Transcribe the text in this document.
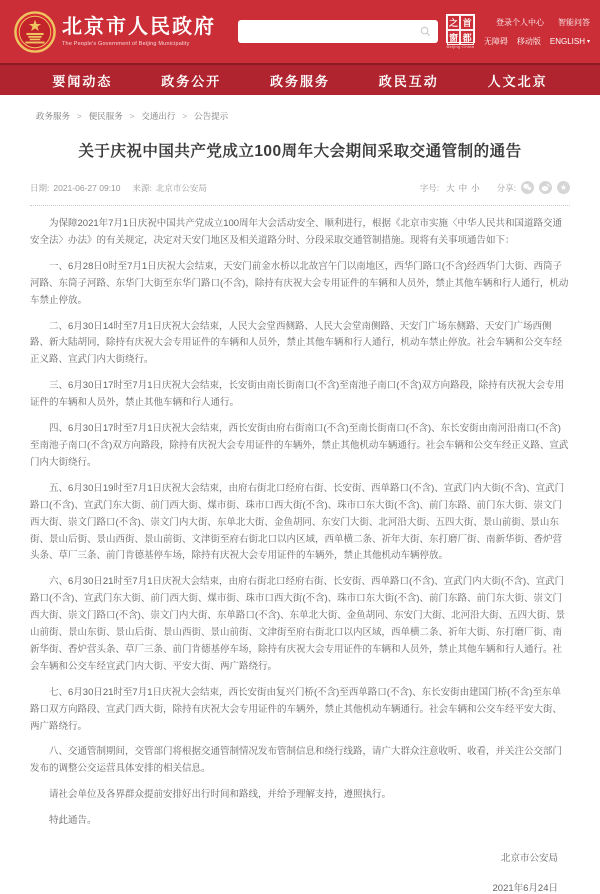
北京市人民政府
The People's Government of Beijing Municipality
之 首
窗 都
Beijing·China
登录个人中心 智能问答
无障碍 移动版 ENGLISH ▾
要闻动态	政务公开	政务服务	政民互动	人文北京
政务服务 > 便民服务 > 交通出行 > 公告提示
关于庆祝中国共产党成立100周年大会期间采取交通管制的通告
日期: 2021-06-27 09:10 来源: 北京市公安局	字号: 大 中 小 分享:	★

为保障2021年7月1日庆祝中国共产党成立100周年大会活动安全、顺利进行，根据《北京市实施〈中华人民共和国道路交通安全法〉办法》的有关规定，决定对天安门地区及相关道路分时、分段采取交通管制措施。现将有关事项通告如下：

一、6月28日0时至7月1日庆祝大会结束，天安门前金水桥以北故宫午门以南地区，西华门路口(不含)经西华门大街、西筒子河路、东筒子河路、东华门大街至东华门路口(不含)，除持有庆祝大会专用证件的车辆和人员外，禁止其他车辆和行人通行，机动车禁止停放。

二、6月30日14时至7月1日庆祝大会结束，人民大会堂西侧路、人民大会堂南侧路、天安门广场东侧路、天安门广场西侧路、新大陆胡同，除持有庆祝大会专用证件的车辆和人员外，禁止其他车辆和行人通行，机动车禁止停放。社会车辆和公交车经正义路、宣武门内大街绕行。

三、6月30日17时至7月1日庆祝大会结束，长安街由南长街南口(不含)至南池子南口(不含)双方向路段，除持有庆祝大会专用证件的车辆和人员外，禁止其他车辆和行人通行。

四、6月30日17时至7月1日庆祝大会结束，西长安街由府右街南口(不含)至南长街南口(不含)、东长安街由南河沿南口(不含)至南池子南口(不含)双方向路段，除持有庆祝大会专用证件的车辆外，禁止其他机动车辆通行。社会车辆和公交车经正义路、宣武门内大街绕行。

五、6月30日19时至7月1日庆祝大会结束，由府右街北口经府右街、长安街、西单路口(不含)、宣武门内大街(不含)、宣武门路口(不含)、宣武门东大街、前门西大街、煤市街、珠市口西大街(不含)、珠市口东大街(不含)、前门东路、前门东大街、崇文门西大街、崇文门路口(不含)、崇文门内大街、东单北大街、金鱼胡同、东安门大街、北河沿大街、五四大街、景山前街、景山东街、景山后街、景山西街、景山前街、文津街至府右街北口以内区域，西单横二条、祈年大街、东打磨厂街、南新华街、香炉营头条、草厂三条、前门肯德基停车场，除持有庆祝大会专用证件的车辆外，禁止其他机动车辆停放。

六、6月30日21时至7月1日庆祝大会结束，由府右街北口经府右街、长安街、西单路口(不含)、宣武门内大街(不含)、宣武门路口(不含)、宣武门东大街、前门西大街、煤市街、珠市口西大街(不含)、珠市口东大街(不含)、前门东路、前门东大街、崇文门西大街、崇文门路口(不含)、崇文门内大街、东单路口(不含)、东单北大街、金鱼胡同、东安门大街、北河沿大街、五四大街、景山前街、景山东街、景山后街、景山西街、景山前街、文津街至府右街北口以内区域，西单横二条、祈年大街、东打磨厂街、南新华街、香炉营头条、草厂三条、前门肯德基停车场，除持有庆祝大会专用证件的车辆和人员外，禁止其他车辆和行人通行。社会车辆和公交车经宣武门内大街、平安大街、两广路绕行。

七、6月30日21时至7月1日庆祝大会结束，西长安街由复兴门桥(不含)至西单路口(不含)、东长安街由建国门桥(不含)至东单路口双方向路段、宣武门西大街，除持有庆祝大会专用证件的车辆外，禁止其他机动车辆通行。社会车辆和公交车经平安大街、两广路绕行。

八、交通管制期间，交管部门将根据交通管制情况发布管制信息和绕行线路，请广大群众注意收听、收看，并关注公交部门发布的调整公交运营具体安排的相关信息。

请社会单位及各界群众提前安排好出行时间和路线，并给予理解支持，遵照执行。

特此通告。

北京市公安局
2021年6月24日
